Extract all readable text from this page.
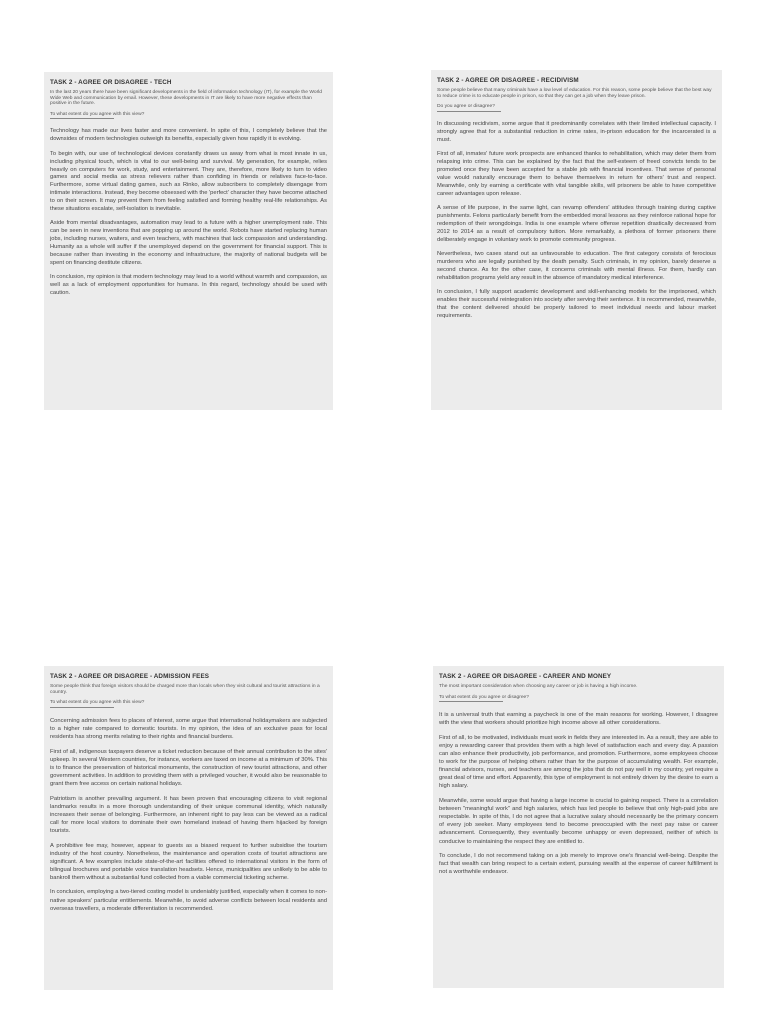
TASK 2 - AGREE OR DISAGREE - TECH
In the last 20 years there have been significant developments in the field of information technology (IT), for example the World Wide Web and communication by email. However, these developments in IT are likely to have more negative effects than positive in the future.
To what extent do you agree with this view?

Technology has made our lives faster and more convenient. In spite of this, I completely believe that the downsides of modern technologies outweigh its benefits, especially given how rapidly it is evolving.

To begin with, our use of technological devices constantly draws us away from what is most innate in us, including physical touch, which is vital to our well-being and survival. My generation, for example, relies heavily on computers for work, study, and entertainment. They are, therefore, more likely to turn to video games and social media as stress relievers rather than confiding in friends or relatives face-to-face. Furthermore, some virtual dating games, such as Rinko, allow subscribers to completely disengage from intimate interactions. Instead, they become obsessed with the 'perfect' character they have become attached to on their screen. It may prevent them from feeling satisfied and forming healthy real-life relationships. As these situations escalate, self-isolation is inevitable.

Aside from mental disadvantages, automation may lead to a future with a higher unemployment rate. This can be seen in new inventions that are popping up around the world. Robots have started replacing human jobs, including nurses, waiters, and even teachers, with machines that lack compassion and understanding. Humanity as a whole will suffer if the unemployed depend on the government for financial support. This is because rather than investing in the economy and infrastructure, the majority of national budgets will be spent on financing destitute citizens.

In conclusion, my opinion is that modern technology may lead to a world without warmth and compassion, as well as a lack of employment opportunities for humans. In this regard, technology should be used with caution.

TASK 2 - AGREE OR DISAGREE - RECIDIVISM
Some people believe that many criminals have a low level of education. For this reason, some people believe that the best way to reduce crime is to educate people in prison, so that they can get a job when they leave prison.
Do you agree or disagree?

In discussing recidivism, some argue that it predominantly correlates with their limited intellectual capacity. I strongly agree that for a substantial reduction in crime rates, in-prison education for the incarcerated is a must.

First of all, inmates' future work prospects are enhanced thanks to rehabilitation, which may deter them from relapsing into crime. This can be explained by the fact that the self-esteem of freed convicts tends to be promoted once they have been accepted for a stable job with financial incentives. That sense of personal value would naturally encourage them to behave themselves in return for others' trust and respect. Meanwhile, only by earning a certificate with vital tangible skills, will prisoners be able to have competitive career advantages upon release.

A sense of life purpose, in the same light, can revamp offenders' attitudes through training during captive punishments. Felons particularly benefit from the embedded moral lessons as they reinforce rational hope for redemption of their wrongdoings. India is one example where offense repetition drastically decreased from 2012 to 2014 as a result of compulsory tuition. More remarkably, a plethora of former prisoners there deliberately engage in voluntary work to promote community progress.

Nevertheless, two cases stand out as unfavourable to education. The first category consists of ferocious murderers who are legally punished by the death penalty. Such criminals, in my opinion, barely deserve a second chance. As for the other case, it concerns criminals with mental illness. For them, hardly can rehabilitation programs yield any result in the absence of mandatory medical interference.

In conclusion, I fully support academic development and skill-enhancing models for the imprisoned, which enables their successful reintegration into society after serving their sentence. It is recommended, meanwhile, that the content delivered should be properly tailored to meet individual needs and labour market requirements.

TASK 2 - AGREE OR DISAGREE - ADMISSION FEES
Some people think that foreign visitors should be charged more than locals when they visit cultural and tourist attractions in a country.
To what extent do you agree with this view?

Concerning admission fees to places of interest, some argue that international holidaymakers are subjected to a higher rate compared to domestic tourists. In my opinion, the idea of an exclusive pass for local residents has strong merits relating to their rights and financial burdens.

First of all, indigenous taxpayers deserve a ticket reduction because of their annual contribution to the sites' upkeep. In several Western countries, for instance, workers are taxed on income at a minimum of 30%. This is to finance the preservation of historical monuments, the construction of new tourist attractions, and other government activities. In addition to providing them with a privileged voucher, it would also be reasonable to grant them free access on certain national holidays.

Patriotism is another prevailing argument. It has been proven that encouraging citizens to visit regional landmarks results in a more thorough understanding of their unique communal identity, which naturally increases their sense of belonging. Furthermore, an inherent right to pay less can be viewed as a radical call for more local visitors to dominate their own homeland instead of having them hijacked by foreign tourists.

A prohibitive fee may, however, appear to guests as a biased request to further subsidise the tourism industry of the host country. Nonetheless, the maintenance and operation costs of tourist attractions are significant. A few examples include state-of-the-art facilities offered to international visitors in the form of bilingual brochures and portable voice translation headsets. Hence, municipalities are unlikely to be able to bankroll them without a substantial fund collected from a viable commercial ticketing scheme.

In conclusion, employing a two-tiered costing model is undeniably justified, especially when it comes to non-native speakers' particular entitlements. Meanwhile, to avoid adverse conflicts between local residents and overseas travellers, a moderate differentiation is recommended.

TASK 2 - AGREE OR DISAGREE - CAREER AND MONEY
The most important consideration when choosing any career or job is having a high income.
To what extent do you agree or disagree?

It is a universal truth that earning a paycheck is one of the main reasons for working. However, I disagree with the view that workers should prioritize high income above all other considerations.

First of all, to be motivated, individuals must work in fields they are interested in. As a result, they are able to enjoy a rewarding career that provides them with a high level of satisfaction each and every day. A passion can also enhance their productivity, job performance, and promotion. Furthermore, some employees choose to work for the purpose of helping others rather than for the purpose of accumulating wealth. For example, financial advisors, nurses, and teachers are among the jobs that do not pay well in my country, yet require a great deal of time and effort. Apparently, this type of employment is not entirely driven by the desire to earn a high salary.

Meanwhile, some would argue that having a large income is crucial to gaining respect. There is a correlation between "meaningful work" and high salaries, which has led people to believe that only high-paid jobs are respectable. In spite of this, I do not agree that a lucrative salary should necessarily be the primary concern of every job seeker. Many employees tend to become preoccupied with the next pay raise or career advancement. Consequently, they eventually become unhappy or even depressed, neither of which is conducive to maintaining the respect they are entitled to.

To conclude, I do not recommend taking on a job merely to improve one's financial well-being. Despite the fact that wealth can bring respect to a certain extent, pursuing wealth at the expense of career fulfillment is not a worthwhile endeavor.
